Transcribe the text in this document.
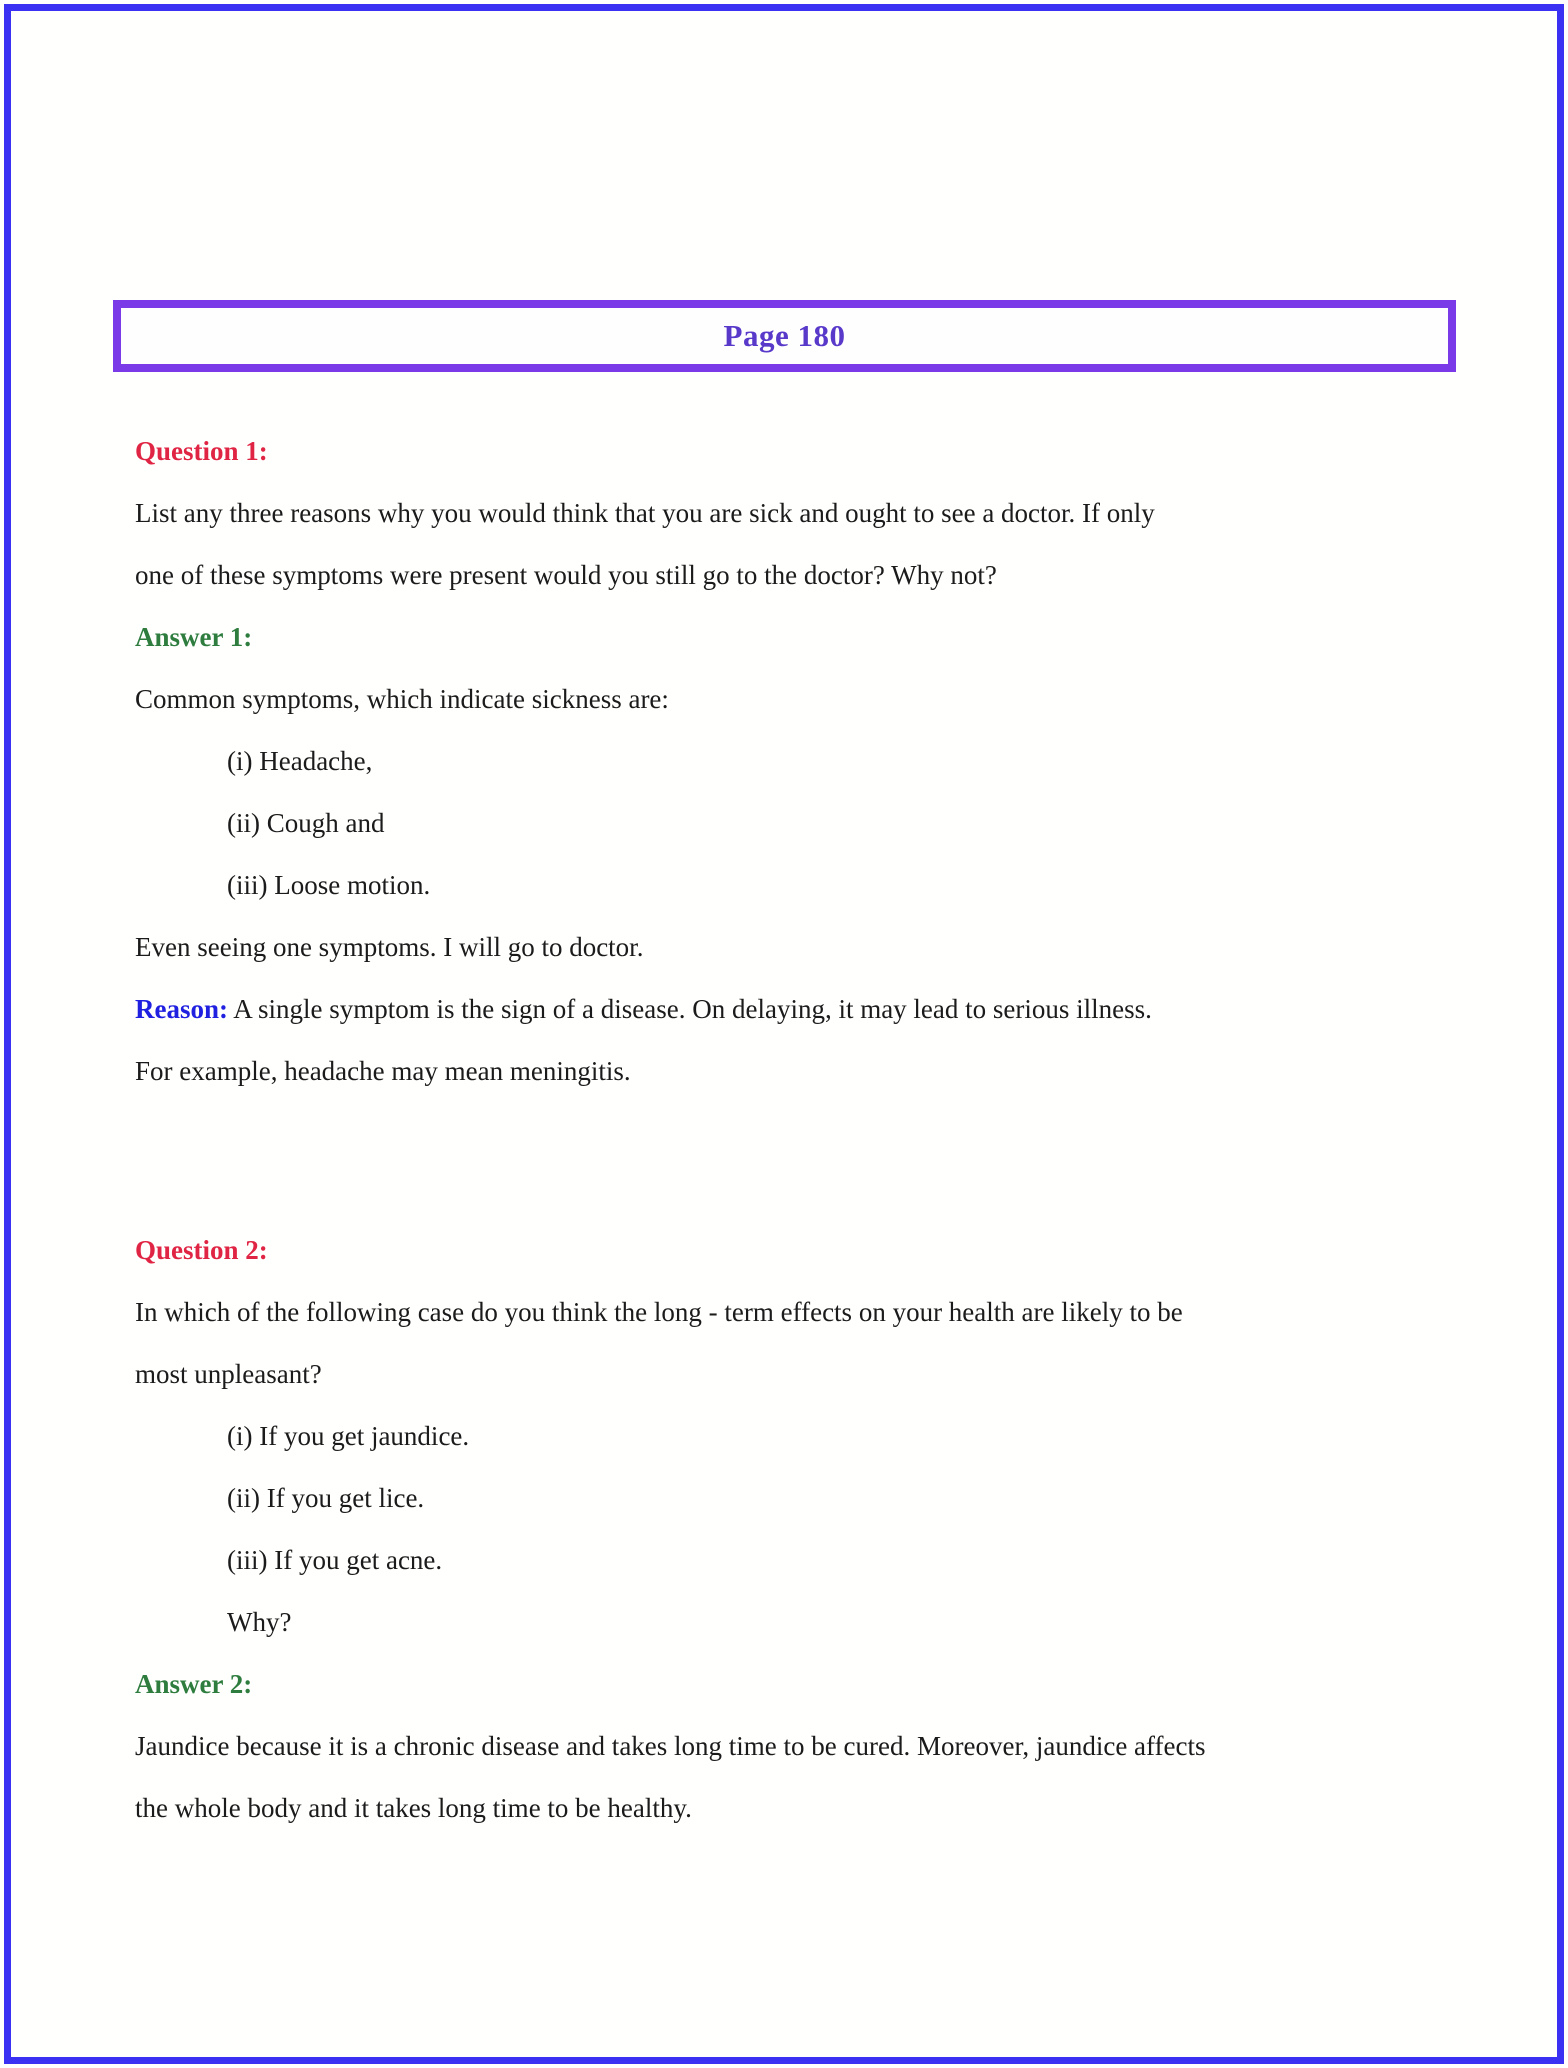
Page 180
Question 1:
List any three reasons why you would think that you are sick and ought to see a doctor. If only
one of these symptoms were present would you still go to the doctor? Why not?
Answer 1:
Common symptoms, which indicate sickness are:
(i) Headache,
(ii) Cough and
(iii) Loose motion.
Even seeing one symptoms. I will go to doctor.
Reason: A single symptom is the sign of a disease. On delaying, it may lead to serious illness.
For example, headache may mean meningitis.
Question 2:
In which of the following case do you think the long - term effects on your health are likely to be
most unpleasant?
(i) If you get jaundice.
(ii) If you get lice.
(iii) If you get acne.
Why?
Answer 2:
Jaundice because it is a chronic disease and takes long time to be cured. Moreover, jaundice affects
the whole body and it takes long time to be healthy.
